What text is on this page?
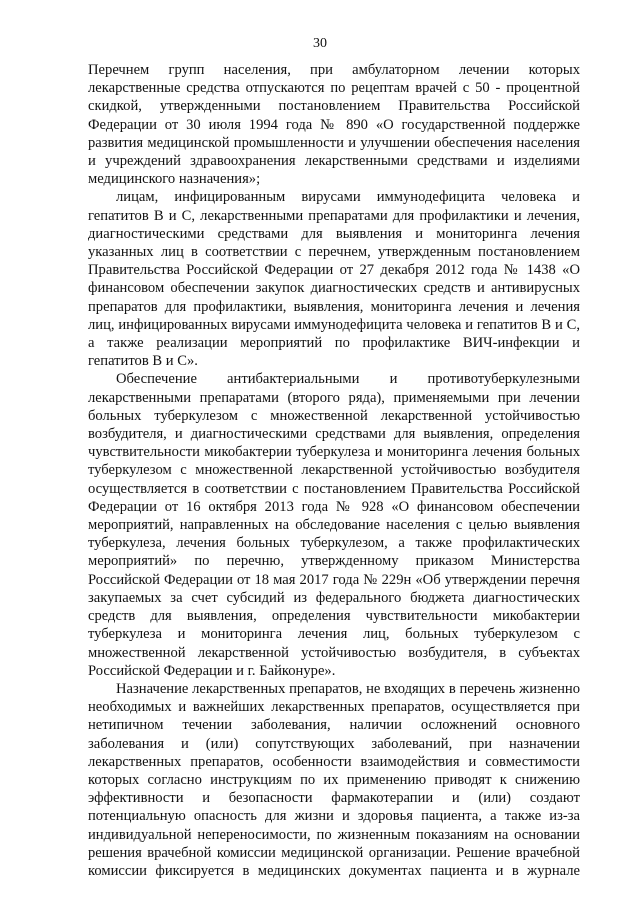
30

Перечнем групп населения, при амбулаторном лечении которых лекарственные средства отпускаются по рецептам врачей с 50 - процентной скидкой, утвержденными постановлением Правительства Российской Федерации от 30 июля 1994 года № 890 «О государственной поддержке развития медицинской промышленности и улучшении обеспечения населения и учреждений здравоохранения лекарственными средствами и изделиями медицинского назначения»;

лицам, инфицированным вирусами иммунодефицита человека и гепатитов B и C, лекарственными препаратами для профилактики и лечения, диагностическими средствами для выявления и мониторинга лечения указанных лиц в соответствии с перечнем, утвержденным постановлением Правительства Российской Федерации от 27 декабря 2012 года № 1438 «О финансовом обеспечении закупок диагностических средств и антивирусных препаратов для профилактики, выявления, мониторинга лечения и лечения лиц, инфицированных вирусами иммунодефицита человека и гепатитов В и С, а также реализации мероприятий по профилактике ВИЧ-инфекции и гепатитов B и C».

Обеспечение антибактериальными и противотуберкулезными лекарственными препаратами (второго ряда), применяемыми при лечении больных туберкулезом с множественной лекарственной устойчивостью возбудителя, и диагностическими средствами для выявления, определения чувствительности микобактерии туберкулеза и мониторинга лечения больных туберкулезом с множественной лекарственной устойчивостью возбудителя осуществляется в соответствии с постановлением Правительства Российской Федерации от 16 октября 2013 года № 928 «О финансовом обеспечении мероприятий, направленных на обследование населения с целью выявления туберкулеза, лечения больных туберкулезом, а также профилактических мероприятий» по перечню, утвержденному приказом Министерства Российской Федерации от 18 мая 2017 года № 229н «Об утверждении перечня закупаемых за счет субсидий из федерального бюджета диагностических средств для выявления, определения чувствительности микобактерии туберкулеза и мониторинга лечения лиц, больных туберкулезом с множественной лекарственной устойчивостью возбудителя, в субъектах Российской Федерации и г. Байконуре».

Назначение лекарственных препаратов, не входящих в перечень жизненно необходимых и важнейших лекарственных препаратов, осуществляется при нетипичном течении заболевания, наличии осложнений основного заболевания и (или) сопутствующих заболеваний, при назначении лекарственных препаратов, особенности взаимодействия и совместимости которых согласно инструкциям по их применению приводят к снижению эффективности и безопасности фармакотерапии и (или) создают потенциальную опасность для жизни и здоровья пациента, а также из-за индивидуальной непереносимости, по жизненным показаниям на основании решения врачебной комиссии медицинской организации. Решение врачебной комиссии фиксируется в медицинских документах пациента и в журнале
